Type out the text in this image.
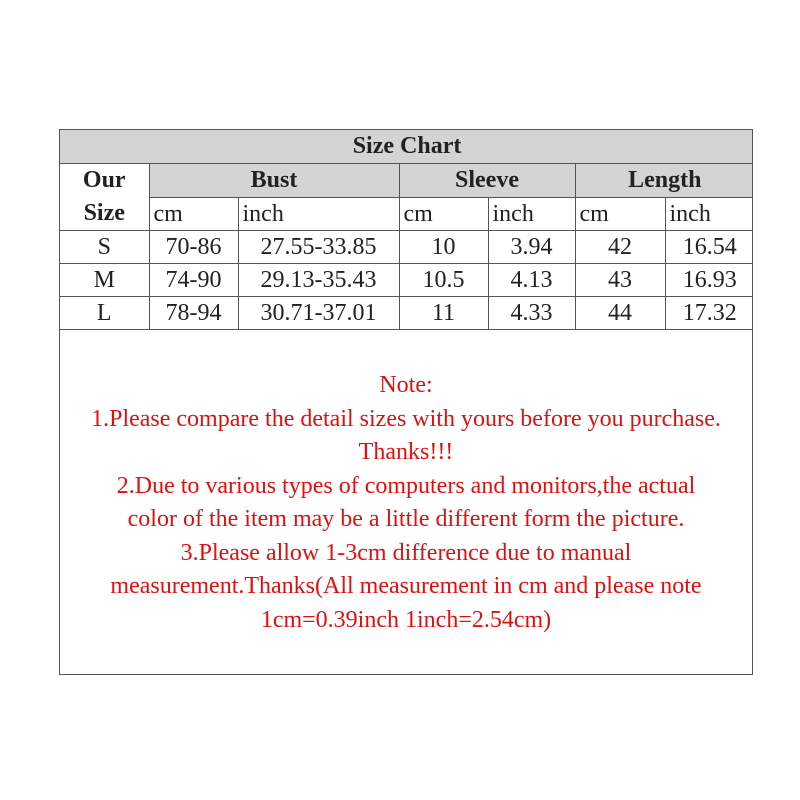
Size Chart						

Our
Size	Bust		Sleeve		Length	
	cm	inch	cm	inch	cm	inch
S	70-86	27.55-33.85	10	3.94	42	16.54
M	74-90	29.13-35.43	10.5	4.13	43	16.93
L	78-94	30.71-37.01	11	4.33	44	17.32
Note:
1.Please compare the detail sizes with yours before you purchase.
Thanks!!!
2.Due to various types of computers and monitors,the actual
color of the item may be a little different form the picture.
3.Please allow 1-3cm difference due to manual
measurement.Thanks(All measurement in cm and please note
1cm=0.39inch 1inch=2.54cm)
